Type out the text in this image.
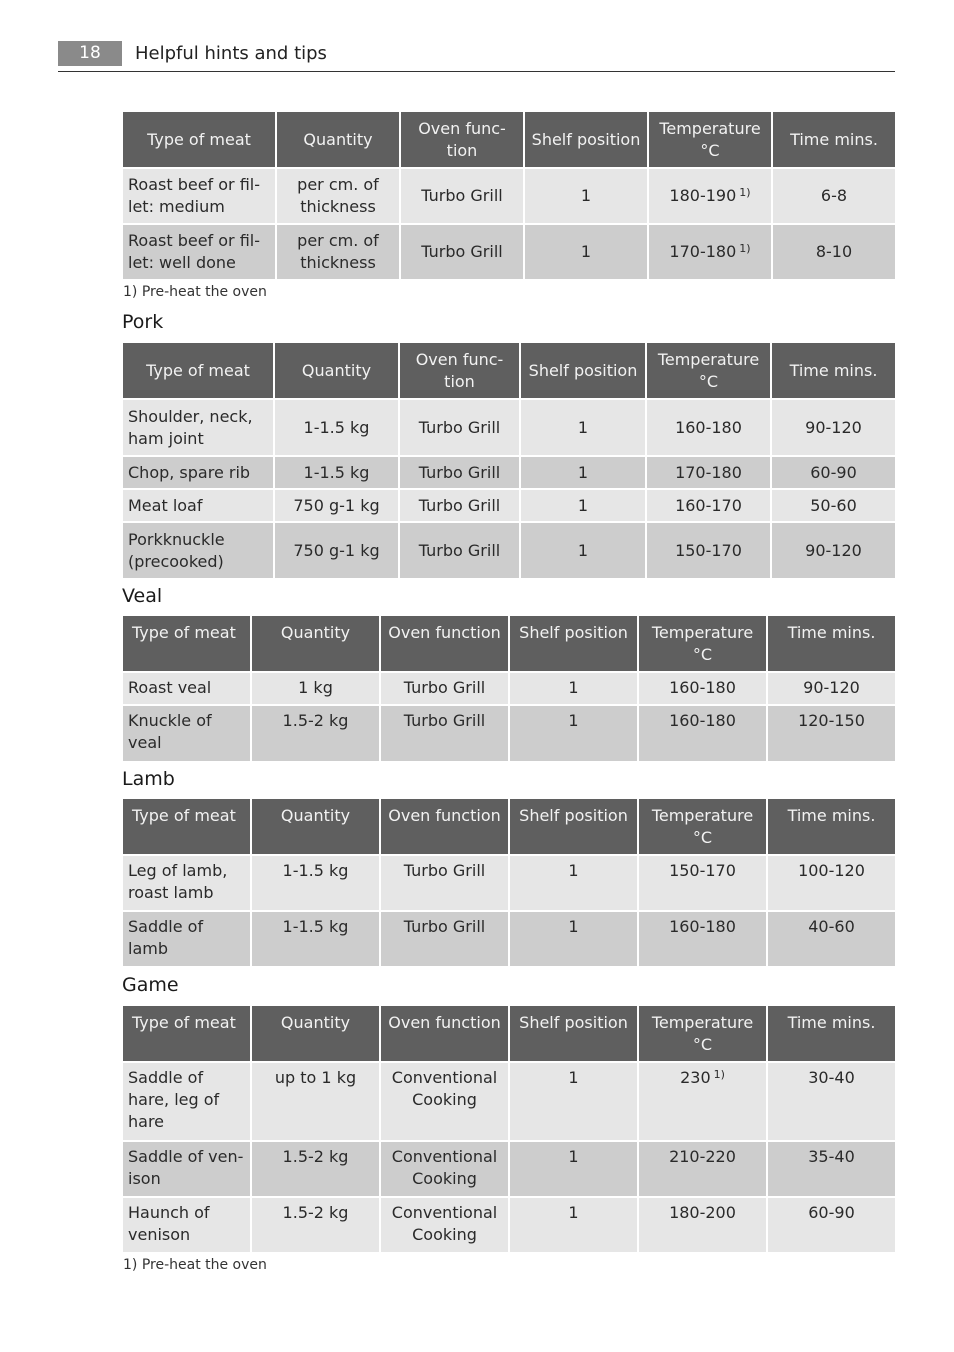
18	Helpful hints and tips
Type of meat	Quantity	Oven func- tion	Shelf position	Temperature °C	Time mins.
Roast beef or fil- let: medium	per cm. of thickness	Turbo Grill	1	180-190 $^{1)}$	6-8
Roast beef or fil- let: well done	per cm. of thickness	Turbo Grill	1	170-180 $^{1)}$	8-10
1) Pre-heat the oven
Pork
Type of meat	Quantity	Oven func- tion	Shelf position	Temperature °C	Time mins.
Shoulder, neck, ham joint	1-1.5 kg	Turbo Grill	1	160-180	90-120
Chop, spare rib	1-1.5 kg	Turbo Grill	1	170-180	60-90
Meat loaf	750 g-1 kg	Turbo Grill	1	160-170	50-60
Porkknuckle (precooked)	750 g-1 kg	Turbo Grill	1	150-170	90-120
Veal
Type of meat	Quantity	Oven function	Shelf position	Temperature °C	Time mins.
Roast veal	1 kg	Turbo Grill	1	160-180	90-120
Knuckle of veal	1.5-2 kg	Turbo Grill	1	160-180	120-150
Lamb
Type of meat	Quantity	Oven function	Shelf position	Temperature °C	Time mins.
Leg of lamb, roast lamb	1-1.5 kg	Turbo Grill	1	150-170	100-120
Saddle of lamb	1-1.5 kg	Turbo Grill	1	160-180	40-60
Game
Type of meat	Quantity	Oven function	Shelf position	Temperature °C	Time mins.
Saddle of hare, leg of hare	up to 1 kg	Conventional Cooking	1	230 $^{1)}$	30-40
Saddle of ven- ison	1.5-2 kg	Conventional Cooking	1	210-220	35-40
Haunch of venison	1.5-2 kg	Conventional Cooking	1	180-200	60-90
1) Pre-heat the oven
